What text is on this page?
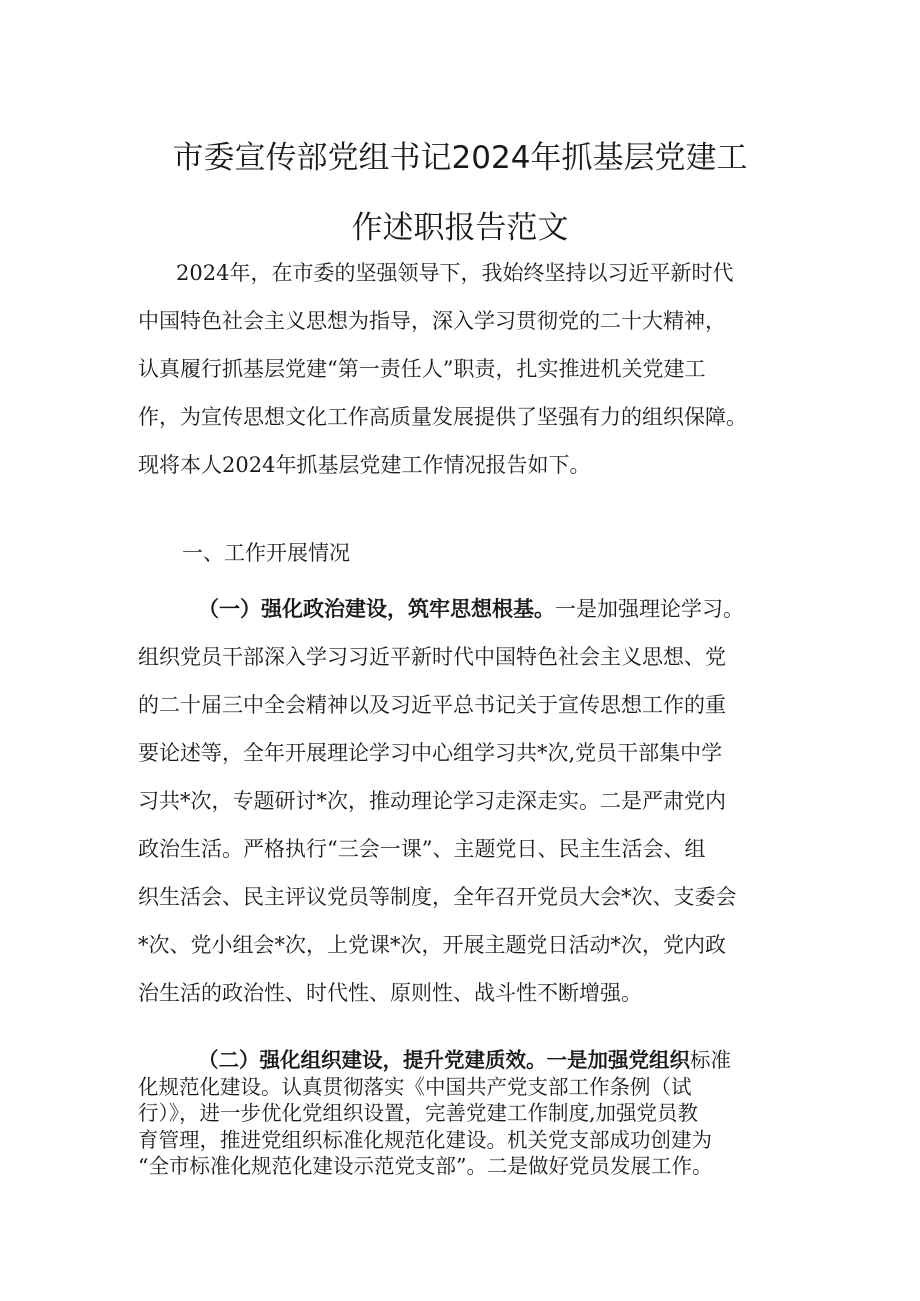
市委宣传部党组书记2024年抓基层党建工
作述职报告范文
2024年，在市委的坚强领导下，我始终坚持以习近平新时代
中国特色社会主义思想为指导，深入学习贯彻党的二十大精神，
认真履行抓基层党建“第一责任人”职责，扎实推进机关党建工
作，为宣传思想文化工作高质量发展提供了坚强有力的组织保障。
现将本人2024年抓基层党建工作情况报告如下。
一、工作开展情况
（一）强化政治建设，筑牢思想根基。一是加强理论学习。
组织党员干部深入学习习近平新时代中国特色社会主义思想、党
的二十届三中全会精神以及习近平总书记关于宣传思想工作的重
要论述等，全年开展理论学习中心组学习共*次,党员干部集中学
习共*次，专题研讨*次，推动理论学习走深走实。二是严肃党内
政治生活。严格执行“三会一课”、主题党日、民主生活会、组
织生活会、民主评议党员等制度，全年召开党员大会*次、支委会
*次、党小组会*次，上党课*次，开展主题党日活动*次，党内政
治生活的政治性、时代性、原则性、战斗性不断增强。
（二）强化组织建设，提升党建质效。一是加强党组织标准
化规范化建设。认真贯彻落实《中国共产党支部工作条例（试
行）》，进一步优化党组织设置，完善党建工作制度,加强党员教
育管理，推进党组织标准化规范化建设。机关党支部成功创建为
“全市标准化规范化建设示范党支部”。二是做好党员发展工作。
